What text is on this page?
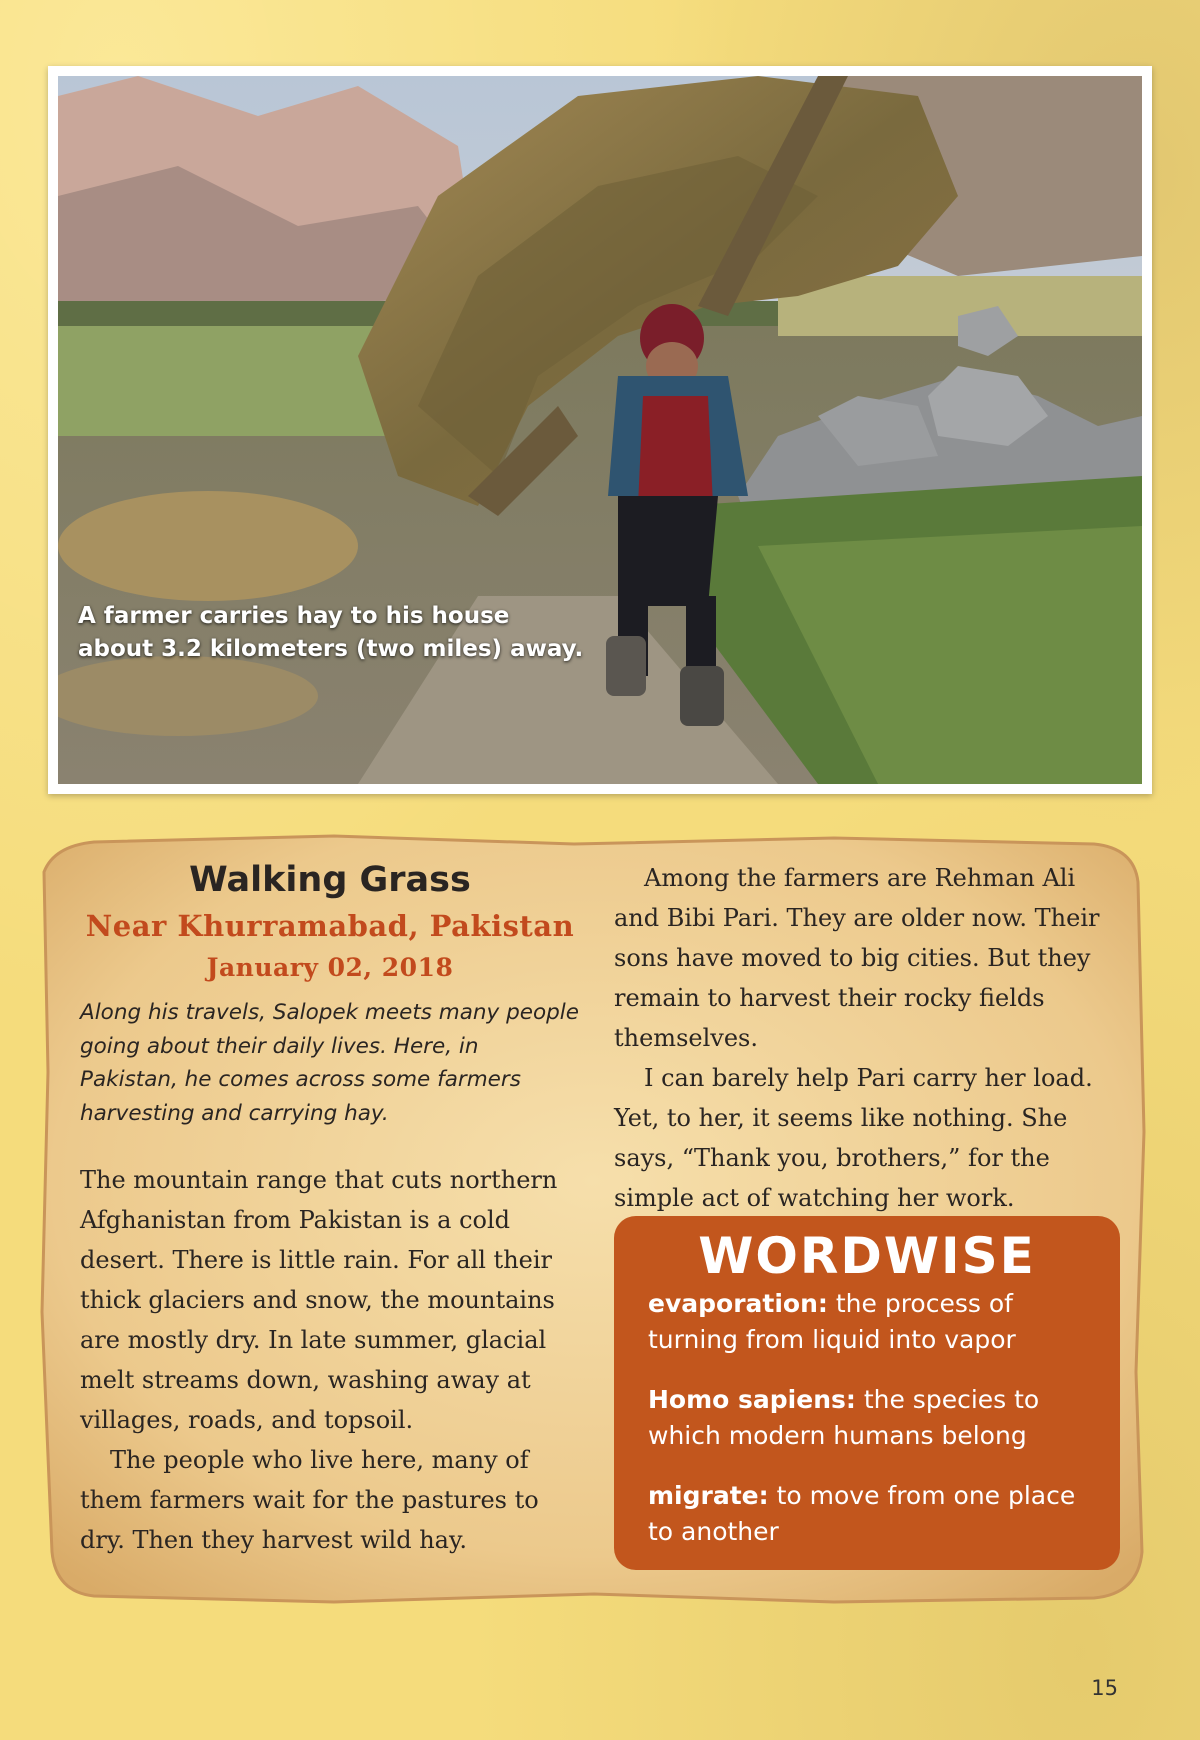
A farmer carries hay to his house
about 3.2 kilometers (two miles) away.

Walking Grass

Near Khurramabad, Pakistan

January 02, 2018

Along his travels, Salopek meets many people going about their daily lives. Here, in Pakistan, he comes across some farmers harvesting and carrying hay.

The mountain range that cuts northern Afghanistan from Pakistan is a cold desert. There is little rain. For all their thick glaciers and snow, the mountains are mostly dry. In late summer, glacial melt streams down, washing away at villages, roads, and topsoil.

The people who live here, many of them farmers wait for the pastures to dry. Then they harvest wild hay.

Among the farmers are Rehman Ali and Bibi Pari. They are older now. Their sons have moved to big cities. But they remain to harvest their rocky fields themselves.

I can barely help Pari carry her load. Yet, to her, it seems like nothing. She says, “Thank you, brothers,” for the simple act of watching her work.

WORDWISE

evaporation: the process of turning from liquid into vapor

Homo sapiens: the species to which modern humans belong

migrate: to move from one place to another

15
